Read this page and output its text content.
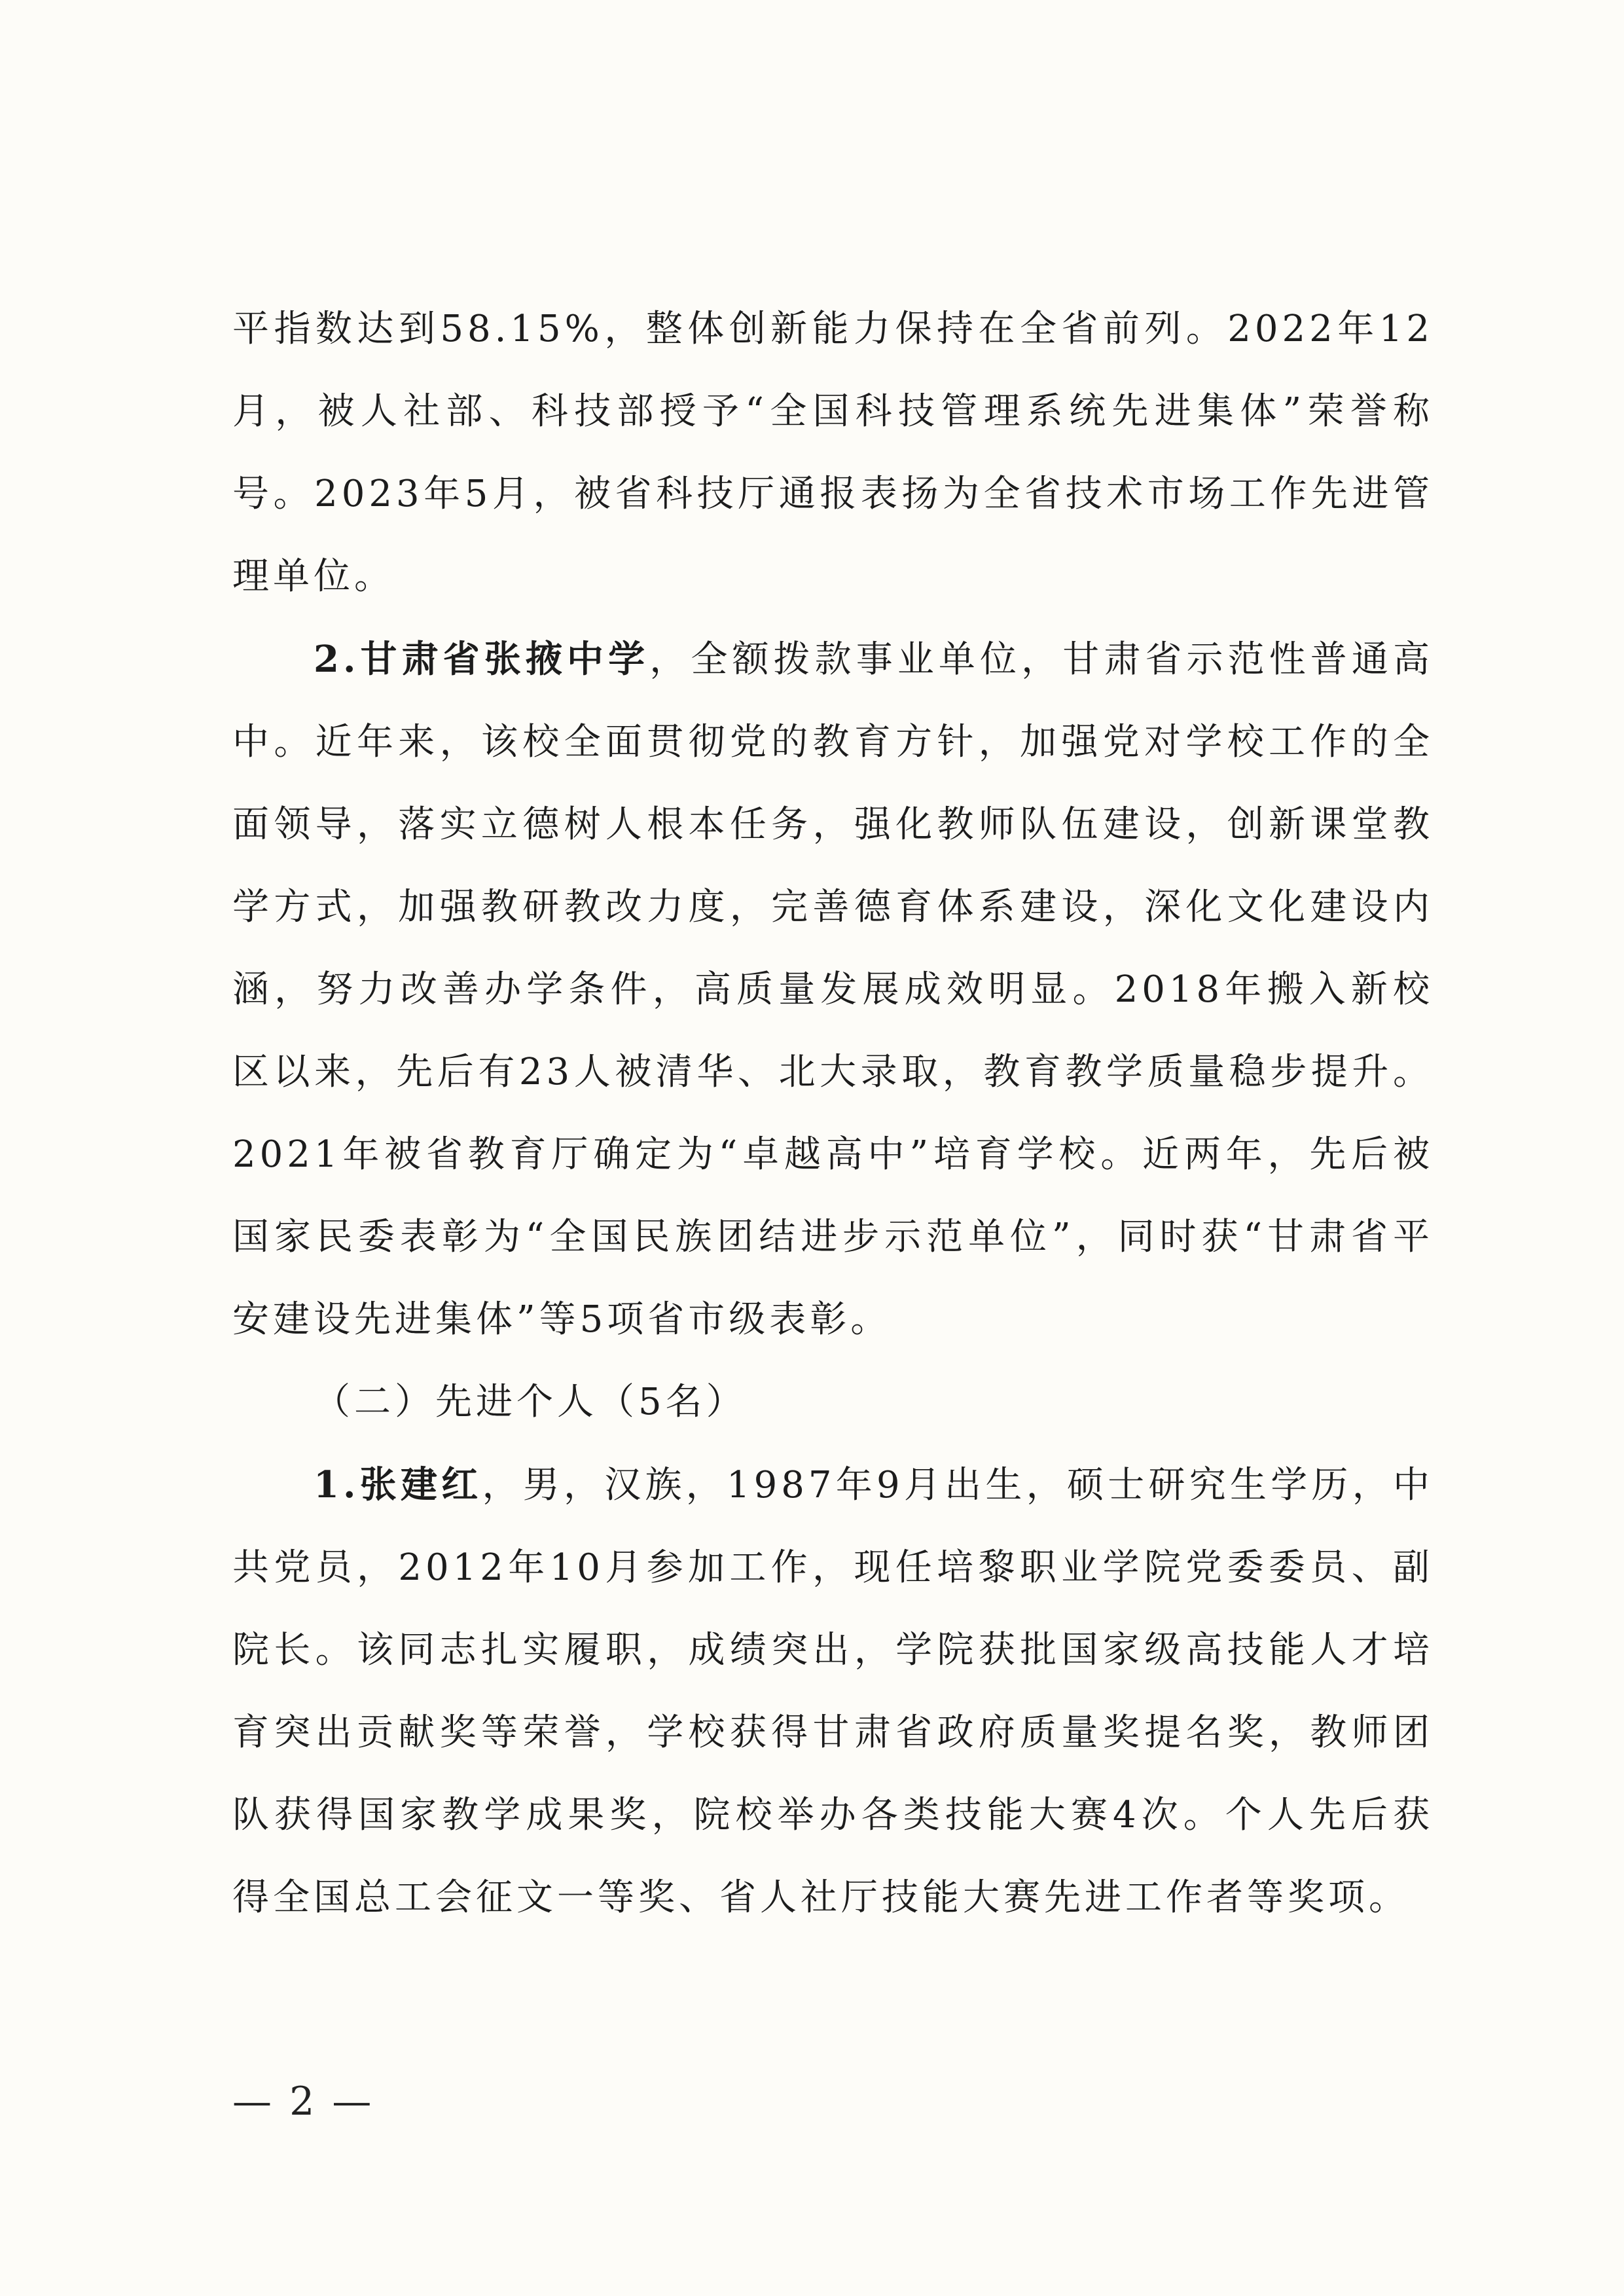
平指数达到58.15%，整体创新能力保持在全省前列。2022年12月，被人社部、科技部授予“全国科技管理系统先进集体”荣誉称号。2023年5月，被省科技厅通报表扬为全省技术市场工作先进管理单位。

2.甘肃省张掖中学，全额拨款事业单位，甘肃省示范性普通高中。近年来，该校全面贯彻党的教育方针，加强党对学校工作的全面领导，落实立德树人根本任务，强化教师队伍建设，创新课堂教学方式，加强教研教改力度，完善德育体系建设，深化文化建设内涵，努力改善办学条件，高质量发展成效明显。2018年搬入新校区以来，先后有23人被清华、北大录取，教育教学质量稳步提升。2021年被省教育厅确定为“卓越高中”培育学校。近两年，先后被国家民委表彰为“全国民族团结进步示范单位”，同时获“甘肃省平安建设先进集体”等5项省市级表彰。

（二）先进个人（5名）

1.张建红，男，汉族，1987年9月出生，硕士研究生学历，中共党员，2012年10月参加工作，现任培黎职业学院党委委员、副院长。该同志扎实履职，成绩突出，学院获批国家级高技能人才培育突出贡献奖等荣誉，学校获得甘肃省政府质量奖提名奖，教师团队获得国家教学成果奖，院校举办各类技能大赛4次。个人先后获得全国总工会征文一等奖、省人社厅技能大赛先进工作者等奖项。

— 2 —
